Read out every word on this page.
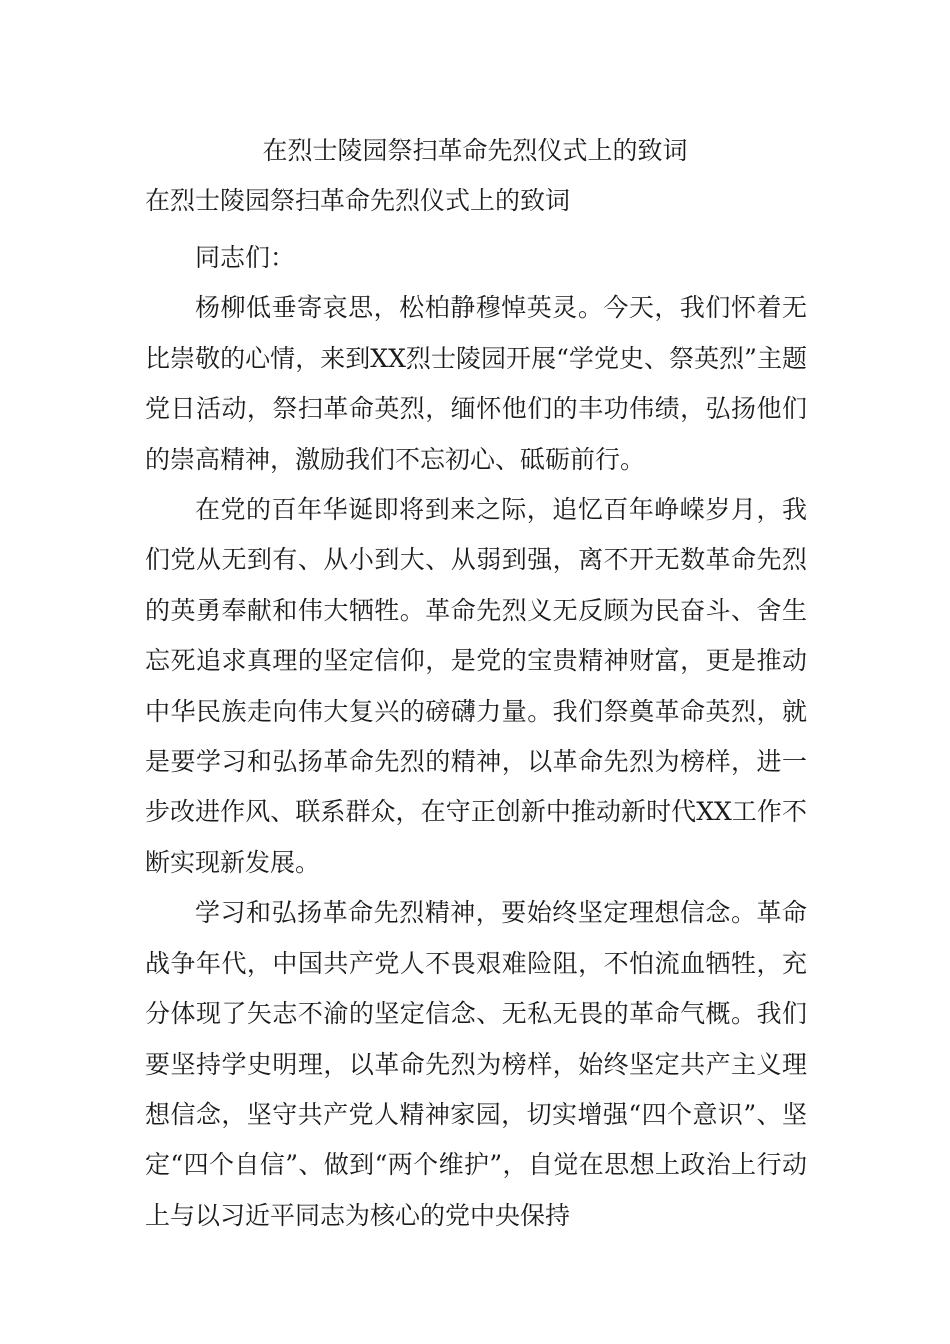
在烈士陵园祭扫革命先烈仪式上的致词
在烈士陵园祭扫革命先烈仪式上的致词

同志们：

杨柳低垂寄哀思，松柏静穆悼英灵。今天，我们怀着无比崇敬的心情，来到XX烈士陵园开展“学党史、祭英烈”主题党日活动，祭扫革命英烈，缅怀他们的丰功伟绩，弘扬他们的崇高精神，激励我们不忘初心、砥砺前行。

在党的百年华诞即将到来之际，追忆百年峥嵘岁月，我们党从无到有、从小到大、从弱到强，离不开无数革命先烈的英勇奉献和伟大牺牲。革命先烈义无反顾为民奋斗、舍生忘死追求真理的坚定信仰，是党的宝贵精神财富，更是推动中华民族走向伟大复兴的磅礴力量。我们祭奠革命英烈，就是要学习和弘扬革命先烈的精神，以革命先烈为榜样，进一步改进作风、联系群众，在守正创新中推动新时代XX工作不断实现新发展。

学习和弘扬革命先烈精神，要始终坚定理想信念。革命战争年代，中国共产党人不畏艰难险阻，不怕流血牺牲，充分体现了矢志不渝的坚定信念、无私无畏的革命气概。我们要坚持学史明理，以革命先烈为榜样，始终坚定共产主义理想信念，坚守共产党人精神家园，切实增强“四个意识”、坚定“四个自信”、做到“两个维护”，自觉在思想上政治上行动上与以习近平同志为核心的党中央保持
